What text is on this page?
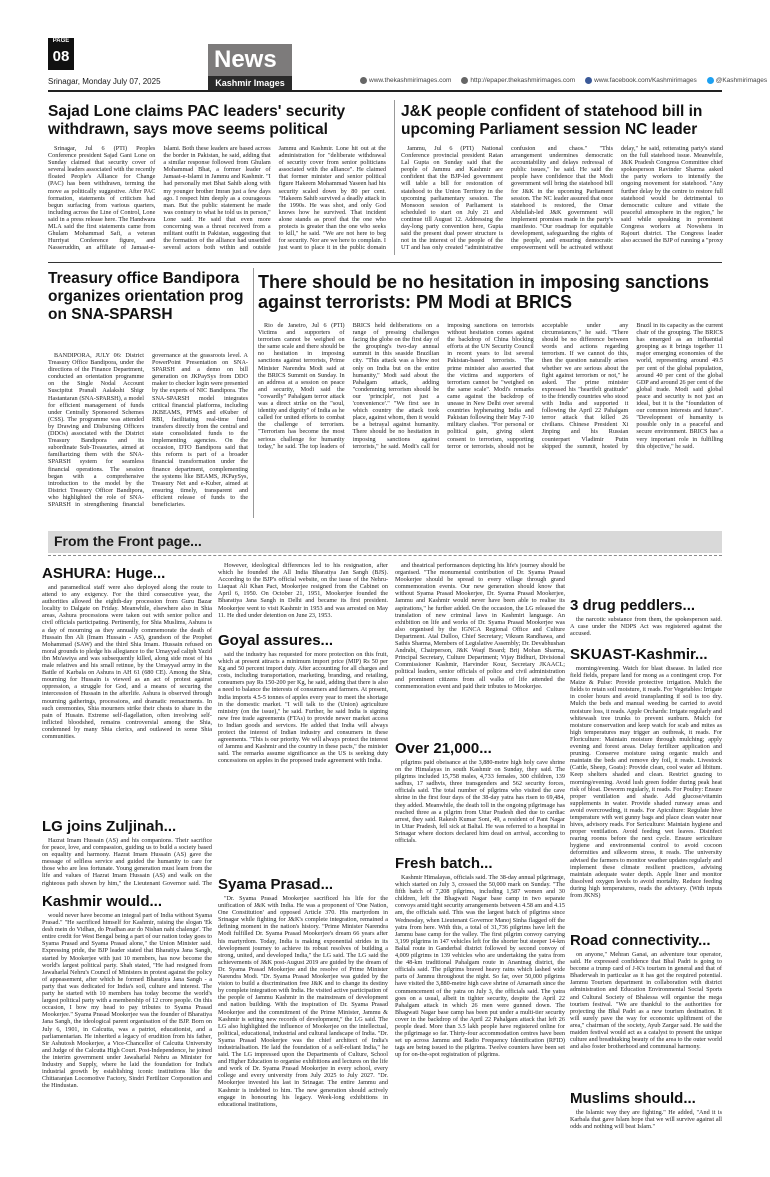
PAGE
08	News
Kashmir Images
Srinagar, Monday July 07, 2025	www.thekashmirimages.com	http://epaper.thekashmirimages.com	www.facebook.com/Kashmirimages	@Kashmirimages
Sajad Lone claims PAC leaders' security withdrawn, says move seems political

Srinagar, Jul 6 (PTI) Peoples Conference president Sajad Gani Lone on Sunday claimed that security cover of several leaders associated with the recently floated People's Alliance for Change (PAC) has been withdrawn, terming the move as politically suggestive. After PAC formation, statements of criticism had begun surfacing from various quarters, including across the Line of Control, Lone said in a press release here. The Handwara MLA said the first statements came from Ghulam Mohammad Safi, a veteran Hurriyat Conference figure, and Nasseruddin, an affiliate of Jamaat-e-Islami. Both these leaders are based across the border in Pakistan, he said, adding that a similar response followed from Ghulam Mohammad Bhat, a former leader of Jamaat-e-Islami in Jammu and Kashmir. "I had personally met Bhat Sahib along with my younger brother Imran just a few days ago. I respect him deeply as a courageous man. But the public statement he made was contrary to what he told us in person," Lone said. He said that even more concerning was a threat received from a militant outfit in Pakistan, suggesting that the formation of the alliance had unsettled several actors both within and outside Jammu and Kashmir. Lone hit out at the administration for "deliberate withdrawal of security cover from senior politicians associated with the alliance". He claimed that former minister and senior political figure Hakeem Mohammad Yaseen had his security scaled down by 80 per cent. "Hakeem Sahib survived a deadly attack in the 1990s. He was shot, and only God knows how he survived. That incident alone stands as proof that the one who protects is greater than the one who seeks to kill," he said. "We are not here to beg for security. Nor are we here to complain. I just want to place it in the public domain

J&K people confident of statehood bill in upcoming Parliament session NC leader

Jammu, Jul 6 (PTI) National Conference provincial president Ratan Lal Gupta on Sunday said that the people of Jammu and Kashmir are confident that the BJP-led government will table a bill for restoration of statehood to the Union Territory in the upcoming parliamentary session. The Monsoon session of Parliament is scheduled to start on July 21 and continue till August 12. Addressing the day-long party convention here, Gupta said the present dual power structure is not in the interest of the people of the UT and has only created "administrative confusion and chaos." "This arrangement undermines democratic accountability and delays redressal of public issues," he said. He said the people have confidence that the Modi government will bring the statehood bill for J&K in the upcoming Parliament session. The NC leader assured that once statehood is restored, the Omar Abdullah-led J&K government will implement promises made in the party's manifesto. "Our roadmap for equitable development, safeguarding the rights of the people, and ensuring democratic empowerment will be activated without delay," he said, reiterating party's stand on the full statehood issue. Meanwhile, J&K Pradesh Congress Committee chief spokesperson Ravinder Sharma asked the party workers to intensify the ongoing movement for statehood. "Any further delay by the centre to restore full statehood would be detrimental to democratic culture and vitiate the peaceful atmosphere in the region," he said while speaking in prominent Congress workers at Nowshera in Rajouri district. The Congress leader also accused the BJP of running a "proxy

Treasury office Bandipora organizes orientation prog on SNA-SPARSH

BANDIPORA, JULY 06: District Treasury Office Bandipora, under the directions of the Finance Department, conducted an orientation programme on the Single Nodal Account Suscipitut Pranali Aalakshi Shigr Hastantaran (SNA-SPARSH), a model for efficient management of funds under Centrally Sponsored Schemes (CSS). The programme was attended by Drawing and Disbursing Officers (DDOs) associated with the District Treasury Bandipora and its subordinate Sub-Treasuries, aimed at familiarizing them with the SNA-SPARSH system for seamless financial operations. The session began with a comprehensive introduction to the model by the District Treasury Officer Bandipora, who highlighted the role of SNA-SPARSH in strengthening financial governance at the grassroots level. A PowerPoint Presentation on SNA-SPARSH and a demo on bill generation on JKPaySys from DDO maker to checker login were presented by the experts of NIC Bandipora. The SNA-SPARSH model integrates critical financial platforms, including JKBEAMS, PFMS and eKuber of RBI, facilitating real-time fund transfers directly from the central and state consolidated funds to the implementing agencies. On the occasion, DTO Bandipora said that this reform is part of a broader financial transformation under the finance department, complementing the systems like BEAMS, JKPaySys, Treasury Net and e-Kuber, aimed at ensuring timely, transparent and efficient release of funds to the beneficiaries.

There should be no hesitation in imposing sanctions against terrorists: PM Modi at BRICS

Rio de Janeiro, Jul 6 (PTI) Victims and supporters of terrorism cannot be weighed on the same scale and there should be no hesitation in imposing sanctions against terrorists, Prime Minister Narendra Modi said at the BRICS Summit on Sunday. In an address at a session on peace and security, Modi said the "cowardly" Pahalgam terror attack was a direct strike on the "soul, identity and dignity" of India as he called for united efforts to combat the challenge of terrorism. "Terrorism has become the most serious challenge for humanity today," he said. The top leaders of BRICS held deliberations on a range of pressing challenges facing the globe on the first day of the grouping's two-day annual summit in this seaside Brazilian city. "This attack was a blow not only on India but on the entire humanity," Modi said about the Pahalgam attack, adding "condemning terrorism should be our 'principle', not just a 'convenience'." "We first see in which country the attack took place, against whom, then it would be a betrayal against humanity. There should be no hesitation in imposing sanctions against terrorists," he said. Modi's call for imposing sanctions on terrorists without hesitation comes against the backdrop of China blocking efforts at the UN Security Council in recent years to list several Pakistan-based terrorists. The prime minister also asserted that the victims and supporters of terrorism cannot be "weighed on the same scale". Modi's remarks came against the backdrop of unease in New Delhi over several countries hyphenating India and Pakistan following their May 7-10 military clashes. "For personal or political gain, giving silent consent to terrorism, supporting terror or terrorists, should not be acceptable under any circumstances," he said. "There should be no difference between words and actions regarding terrorism. If we cannot do this, then the question naturally arises whether we are serious about the fight against terrorism or not," he asked. The prime minister expressed his "heartfelt gratitude" to the friendly countries who stood with India and supported it following the April 22 Pahalgam terror attack that killed 26 civilians. Chinese President Xi Jinping and his Russian counterpart Vladimir Putin skipped the summit, hosted by Brazil in its capacity as the current chair of the grouping. The BRICS has emerged as an influential grouping as it brings together 11 major emerging economies of the world, representing around 49.5 per cent of the global population, around 40 per cent of the global GDP and around 26 per cent of the global trade. Modi said global peace and security is not just an ideal, but it is the "foundation of our common interests and future". "Development of humanity is possible only in a peaceful and secure environment. BRICS has a very important role in fulfilling this objective," he said.

From the Front page...
ASHURA: Huge...

and paramedical staff were also deployed along the route to attend to any exigency. For the third consecutive year, the authorities allowed the eighth-day procession from Guru Bazar locality to Dalgate on Friday. Meanwhile, elsewhere also in Shia areas, Ashura processions were taken out with senior police and civil officials participating. Pertinently, for Shia Muslims, Ashura is a day of mourning as they annually commemorate the death of Hussain Ibn Ali (Imam Hussain - AS), grandson of the Prophet Mohammad (SAW) and the third Shia Imam. Hussain refused on moral grounds to pledge his allegiance to the Umayyad caliph Yazid ibn Mu'awiya and was subsequently killed, along side most of his male relatives and his small retinue, by the Umayyad army in the Battle of Karbala on Ashura in AH 61 (680 CE). Among the Shia, mourning for Hussain is viewed as an act of protest against oppression, a struggle for God, and a means of securing the intercession of Hussain in the afterlife. Ashura is observed through mourning gatherings, processions, and dramatic reenactments. In such ceremonies, Shia mourners strike their chests to share in the pain of Husain. Extreme self-flagellation, often involving self-inflicted bloodshed, remains controversial among the Shia, condemned by many Shia clerics, and outlawed in some Shia communities.

LG joins Zuljinah...

Hazrat Imam Hussain (AS) and his companions. Their sacrifice for peace, love, and compassion, guiding us to build a society based on equality and harmony. Hazrat Imam Hussain (AS) gave the message of selfless service and guided the humanity to care for those who are less fortunate. Young generation must learn from the life and values of Hazrat Imam Hussain (AS) and walk on the righteous path shown by him," the Lieutenant Governor said. The

Kashmir would...

would never have become an integral part of India without Syama Prasad." "He sacrificed himself for Kashmir, raising the slogan 'Ek desh mein do Vidhan, do Pradhan aur do Nishan nahi chalenge'. The entire credit for West Bengal being a part of our nation today goes to Syama Prasad and Syama Prasad alone," the Union Minister said. Expressing pride, the BJP leader stated that Bharatiya Jana Sangh, started by Mookerjee with just 10 members, has now become the world's largest political party. Shah stated, "He had resigned from Jawaharlal Nehru's Council of Ministers in protest against the policy of appeasement, after which he formed Bharatiya Jana Sangh - a party that was dedicated for India's soil, culture and interest. The party he started with 10 members has today become the world's largest political party with a membership of 12 crore people. On this occasion, I bow my head to pay tributes to Syama Prasad Mookerjee." Syama Prasad Mookerjee was the founder of Bharatiya Jana Sangh, the ideological parent organisation of the BJP. Born on July 6, 1901, in Calcutta, was a patriot, educationist, and a parliamentarian. He inherited a legacy of erudition from his father, Sir Ashutosh Mookerjee, a Vice-Chancellor of Calcutta University and Judge of the Calcutta High Court. Post-Independence, he joined the interim government under Jawaharlal Nehru as Minister for Industry and Supply, where he laid the foundation for India's industrial growth by establishing iconic institutions like the Chittaranjan Locomotive Factory, Sindri Fertilizer Corporation and the Hindustan.

However, ideological differences led to his resignation, after which he founded the All India Bharatiya Jan Sangh (BJS). According to the BJP's official website, on the issue of the Nehru-Liaquat Ali Khan Pact, Mookerjee resigned from the Cabinet on April 6, 1950. On October 21, 1951, Mookerjee founded the Bharatiya Jana Sangh in Delhi and became its first president. Mookerjee went to visit Kashmir in 1953 and was arrested on May 11. He died under detention on June 23, 1953.

Goyal assures...

said the industry has requested for more protection on this fruit, which at present attracts a minimum import price (MIP) Rs 50 per Kg and 50 percent import duty. After accounting for all charges and costs, including transportation, marketing, branding, and retailing, consumers pay Rs 150-200 per Kg, he said, adding that there is also a need to balance the interests of consumers and farmers. At present, India imports 4.5-5 tonnes of apples every year to meet the shortage in the domestic market. "I will talk to the (Union) agriculture ministry (on the issue)," he said. Further, he said India is signing new free trade agreements (FTAs) to provide newer market access to Indian goods and services. He added that India will always protect the interest of Indian industry and consumers in these agreements. "This is our priority. We will always protect the interest of Jammu and Kashmir and the country in these pacts," the minister said. The remarks assume significance as the US is seeking duty concessions on apples in the proposed trade agreement with India.

Syama Prasad...

"Dr. Syama Prasad Mookerjee sacrificed his life for the unification of J&K with India. He was a proponent of 'One Nation, One Constitution' and opposed Article 370. His martyrdom in Srinagar while fighting for J&K's complete integration, remained a defining moment in the nation's history. "Prime Minister Narendra Modi fulfilled Dr. Syama Prasad Mookerjee's dream 66 years after his martyrdom. Today, India is making exponential strides in its development journey to achieve its robust resolves of building a strong, united, and developed India," the LG said. The LG said the achievements of J&K post-August 2019 are guided by the dream of Dr. Syama Prasad Mookerjee and the resolve of Prime Minister Narendra Modi. "Dr. Syama Prasad Mookerjee was guided by the vision to build a discrimination free J&K and to change its destiny by complete integration with India. He visited active participation of the people of Jammu Kashmir in the mainstream of development and nation building. With the inspiration of Dr. Syama Prasad Mookerjee and the commitment of the Prime Minister, Jammu & Kashmir is setting new records of development," the LG said. The LG also highlighted the influence of Mookerjee on the intellectual, political, educational, industrial and cultural landscape of India. "Dr. Syama Prasad Mookerjee was the chief architect of India's industrialisation. He laid the foundation of a self-reliant India," he said. The LG impressed upon the Departments of Culture, School and Higher Education to organise exhibitions and lectures on the life and work of Dr. Syama Prasad Mookerjee in every school, every college and every university from July 2025 to July 2027. "Dr. Mookerjee invested his last in Srinagar. The entire Jammu and Kashmir is indebted to him. The new generation should actively engage in honouring his legacy. Week-long exhibitions in educational institutions,

and theatrical performances depicting his life's journey should be organised. "The monumental contribution of Dr. Syama Prasad Mookerjee should be spread to every village through grand commemoration events. Our new generation should know that without Syama Prasad Mookerjee, Dr. Syama Prasad Mookerjee, Jammu and Kashmir would never have been able to realise its aspirations," he further added. On the occasion, the LG released the translation of new criminal laws in Kashmiri language. An exhibition on life and works of Dr. Syama Prasad Mookerjee was also organised by the IGNCA Regional Office and Culture Department. Atal Dulloo, Chief Secretary; Vikram Randhawa, and Sathis Sharma, Members of Legislative Assembly; Dr. Devabhushan Andrabi, Chairperson, J&K Waqf Board; Brij Mohan Sharma, Principal Secretary, Culture Department; Vijay Bidhuri, Divisional Commissioner Kashmir, Harvinder Kour, Secretary JKAACL; political leaders, senior officials of police and civil administration and prominent citizens from all walks of life attended the commemoration event and paid their tributes to Mookerjee.

Over 21,000...

pilgrims paid obeisance at the 3,880-metre high holy cave shrine on the Himalayas in south Kashmir on Sunday, they said. The pilgrims included 15,758 males, 4,733 females, 300 children, 139 sadhus, 17 sadhvis, three transgenders and 562 security forces, officials said. The total number of pilgrims who visited the cave shrine in the first four days of the 38-day yatra has risen to 69,484, they added. Meanwhile, the death toll in the ongoing pilgrimage has reached three as a pilgrim from Uttar Pradesh died due to cardiac arrest, they said. Rakesh Kumar Soni, 49, a resident of Pant Nagar in Uttar Pradesh, fell sick at Baltal. He was referred to a hospital in Srinagar where doctors declared him dead on arrival, according to officials.

Fresh batch...

Kashmir Himalayas, officials said. The 38-day annual pilgrimage, which started on July 3, crossed the 50,000 mark on Sunday. "The fifth batch of 7,208 pilgrims, including 1,587 women and 30 children, left the Bhagwati Nagar base camp in two separate convoys amid tight security arrangements between 4.58 am and 4.15 am, the officials said. This was the largest batch of pilgrims since Wednesday, when Lieutenant Governor Manoj Sinha flagged off the yatra from here. With this, a total of 31,736 pilgrims have left the Jammu base camp for the valley. The first pilgrim convoy carrying 3,199 pilgrims in 147 vehicles left for the shorter but steeper 14-km Baltal route in Ganderbal district followed by second convoy of 4,009 pilgrims in 139 vehicles who are undertaking the yatra from the 48-km traditional Pahalgam route in Anantnag district, the officials said. The pilgrims braved heavy rains which lashed wide parts of Jammu throughout the night. So far, over 50,000 pilgrims have visited the 3,880-metre high cave shrine of Amarnath since the commencement of the yatra on July 3, the officials said. The yatra goes on a usual, albeit in tighter security, despite the April 22 Pahalgam attack in which 26 men were gunned down. The Bhagwati Nagar base camp has been put under a multi-tier security cover in the backdrop of the April 22 Pahalgam attack that left 26 people dead. More than 3.5 lakh people have registered online for the pilgrimage so far. Thirty-four accommodation centres have been set up across Jammu and Radio Frequency Identification (RFID) tags are being issued to the pilgrims. Twelve counters have been set up for on-the-spot registration of pilgrims.

3 drug peddlers...

the narcotic substance from them, the spokesperson said. A case under the NDPS Act was registered against the accused.

SKUAST-Kashmir...

morning/evening. Watch for blast disease. In lailed rice field fields, prepare land for mong as a contingent crop. For Maize & Pulse: Provide protective irrigation. Mulch the fields to retain soil moisture, it reads. For Vegetables: Irrigate in cooler hours and avoid transplanting if soil is too dry. Mulch the beds and manual weeding be carried to avoid moisture loss, it reads. Apple Orchards: Irrigate regularly and whitewash tree trunks to prevent sunburn. Mulch for moisture conservation and keep watch for scab and mites as high temperatures may trigger an outbreak, it reads. For Floriculture: Maintain moisture through mulching; apply evening and forest areas. Delay fertilizer application and pruning. Conserve moisture using organic mulch and maintain the beds and remove dry foil, it reads. Livestock (Cattle, Sheep, Goats): Provide clean, cool water ad libitum. Keep shelters shaded and clean. Restrict grazing to morning/evening. Avoid lush green fodder during peak heat risk of bloat. Deworm regularly, it reads. For Poultry: Ensure proper ventilation and shade. Add glucose/vitamin supplements in water. Provide shaded runway areas and avoid overcrowding, it reads. For Apiculture: Regulate hive temperature with wet gunny bags and place clean water near hives, advisory reads. For Sericulture: Maintain hygiene and proper ventilation. Avoid feeding wet leaves. Disinfect rearing rooms before the next cycle. Ensure sericulture hygiene and environmental control to avoid cocoon deformities and silkworm stress, it reads. The university advised the farmers to monitor weather updates regularly and implement these climate resilient practices, advising maintain adequate water depth. Apple liner and monitor dissolved oxygen levels to avoid mortality. Reduce feeding during high temperatures, reads the advisory. (With inputs from JKNS)

Road connectivity...

on anyone," Mehran Ganai, an adventure tour operator, said. He expressed confidence that Bhal Padri is going to become a trump card of J-K's tourism in general and that of Bhaderwah in particular as it has got the required potential. Jammu Tourism department in collaboration with district administration and Education Environmental Social Sports and Cultural Society of Bhalessa will organise the mega tourism festival. "We are thankful to the authorities for projecting the Bhal Padri as a new tourism destination. It will surely pave the way for economic upliftment of the area," chairman of the society, Ayub Zargar said. He said the maiden festival would act as a catalyst to present the unique culture and breathtaking beauty of the area to the outer world and also foster brotherhood and communal harmony.

Muslims should...

the Islamic way they are fighting." He added, "And it is Karbala that gave Islam hope that we will survive against all odds and nothing will beat Islam."
